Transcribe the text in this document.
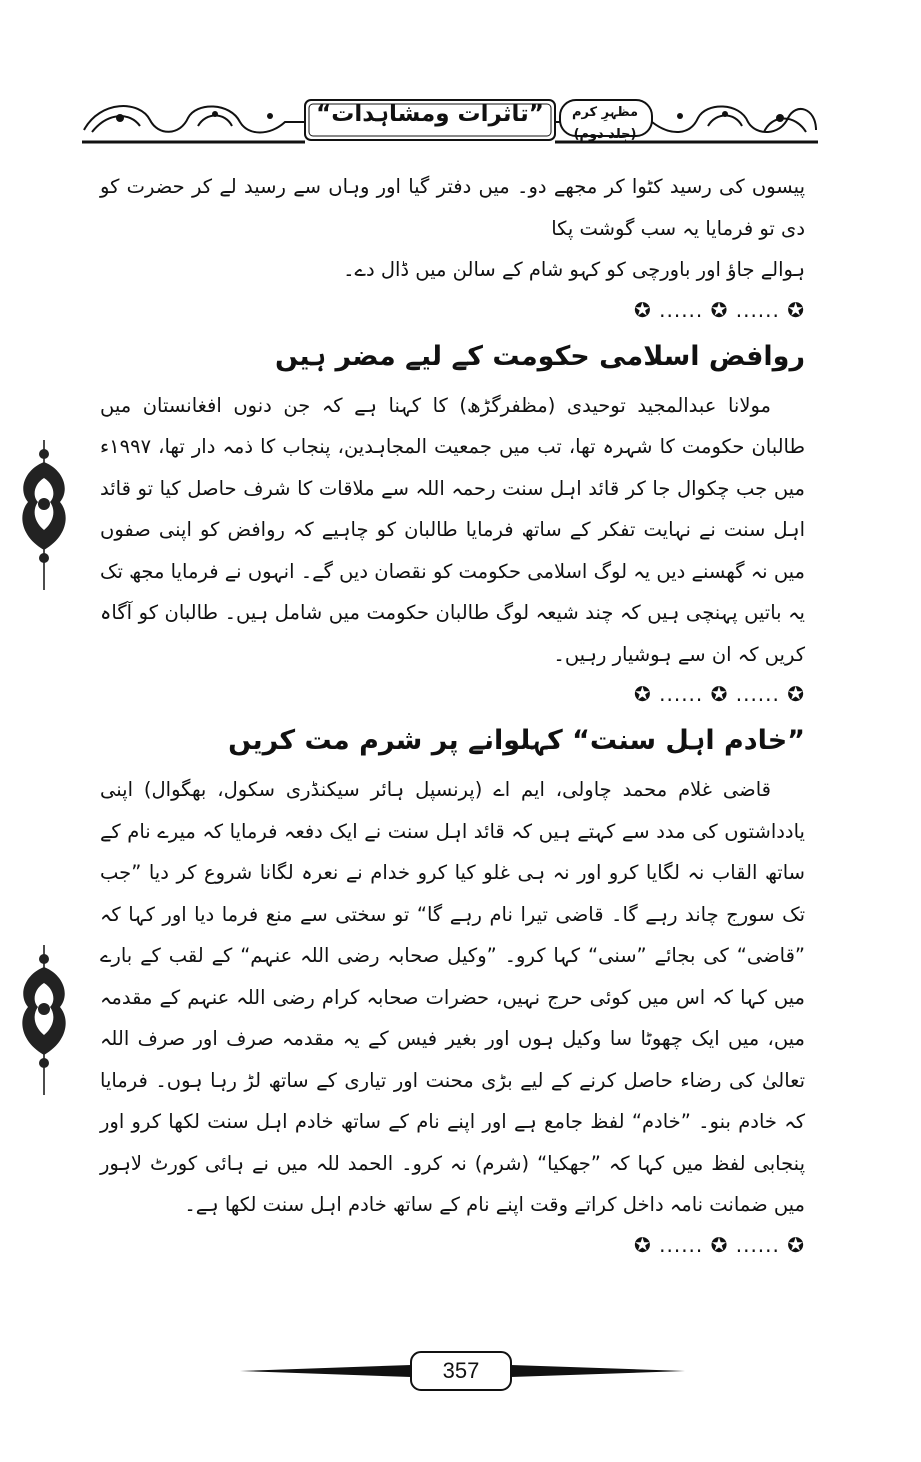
”تاثرات ومشاہدات“	مظہرِ کرم (جلد دوم)

پیسوں کی رسید کٹوا کر مجھے دو۔ میں دفتر گیا اور وہاں سے رسید لے کر حضرت کو دی تو فرمایا یہ سب گوشت پکا

ہوالے جاؤ اور باورچی کو کہو شام کے سالن میں ڈال دے۔

✪ ...... ✪ ...... ✪
روافض اسلامی حکومت کے لیے مضر ہیں

مولانا عبدالمجید توحیدی (مظفرگڑھ) کا کہنا ہے کہ جن دنوں افغانستان میں طالبان حکومت کا شہرہ تھا، تب میں جمعیت المجاہدین، پنجاب کا ذمہ دار تھا، ۱۹۹۷ء میں جب چکوال جا کر قائد اہل سنت رحمہ اللہ سے ملاقات کا شرف حاصل کیا تو قائد اہل سنت نے نہایت تفکر کے ساتھ فرمایا طالبان کو چاہیے کہ روافض کو اپنی صفوں میں نہ گھسنے دیں یہ لوگ اسلامی حکومت کو نقصان دیں گے۔ انہوں نے فرمایا مجھ تک یہ باتیں پہنچی ہیں کہ چند شیعہ لوگ طالبان حکومت میں شامل ہیں۔ طالبان کو آگاہ کریں کہ ان سے ہوشیار رہیں۔

✪ ...... ✪ ...... ✪
”خادم اہل سنت“ کہلوانے پر شرم مت کریں

قاضی غلام محمد چاولی، ایم اے (پرنسپل ہائر سیکنڈری سکول، بھگوال) اپنی یادداشتوں کی مدد سے کہتے ہیں کہ قائد اہل سنت نے ایک دفعہ فرمایا کہ میرے نام کے ساتھ القاب نہ لگایا کرو اور نہ ہی غلو کیا کرو خدام نے نعرہ لگانا شروع کر دیا ”جب تک سورج چاند رہے گا۔ قاضی تیرا نام رہے گا“ تو سختی سے منع فرما دیا اور کہا کہ ”قاضی“ کی بجائے ”سنی“ کہا کرو۔ ”وکیل صحابہ رضی اللہ عنہم“ کے لقب کے بارے میں کہا کہ اس میں کوئی حرج نہیں، حضرات صحابہ کرام رضی اللہ عنہم کے مقدمہ میں، میں ایک چھوٹا سا وکیل ہوں اور بغیر فیس کے یہ مقدمہ صرف اور صرف اللہ تعالیٰ کی رضاء حاصل کرنے کے لیے بڑی محنت اور تیاری کے ساتھ لڑ رہا ہوں۔ فرمایا کہ خادم بنو۔ ”خادم“ لفظ جامع ہے اور اپنے نام کے ساتھ خادم اہل سنت لکھا کرو اور پنجابی لفظ میں کہا کہ ”جھکیا“ (شرم) نہ کرو۔ الحمد للہ میں نے ہائی کورٹ لاہور میں ضمانت نامہ داخل کراتے وقت اپنے نام کے ساتھ خادم اہل سنت لکھا ہے۔

✪ ...... ✪ ...... ✪
357
